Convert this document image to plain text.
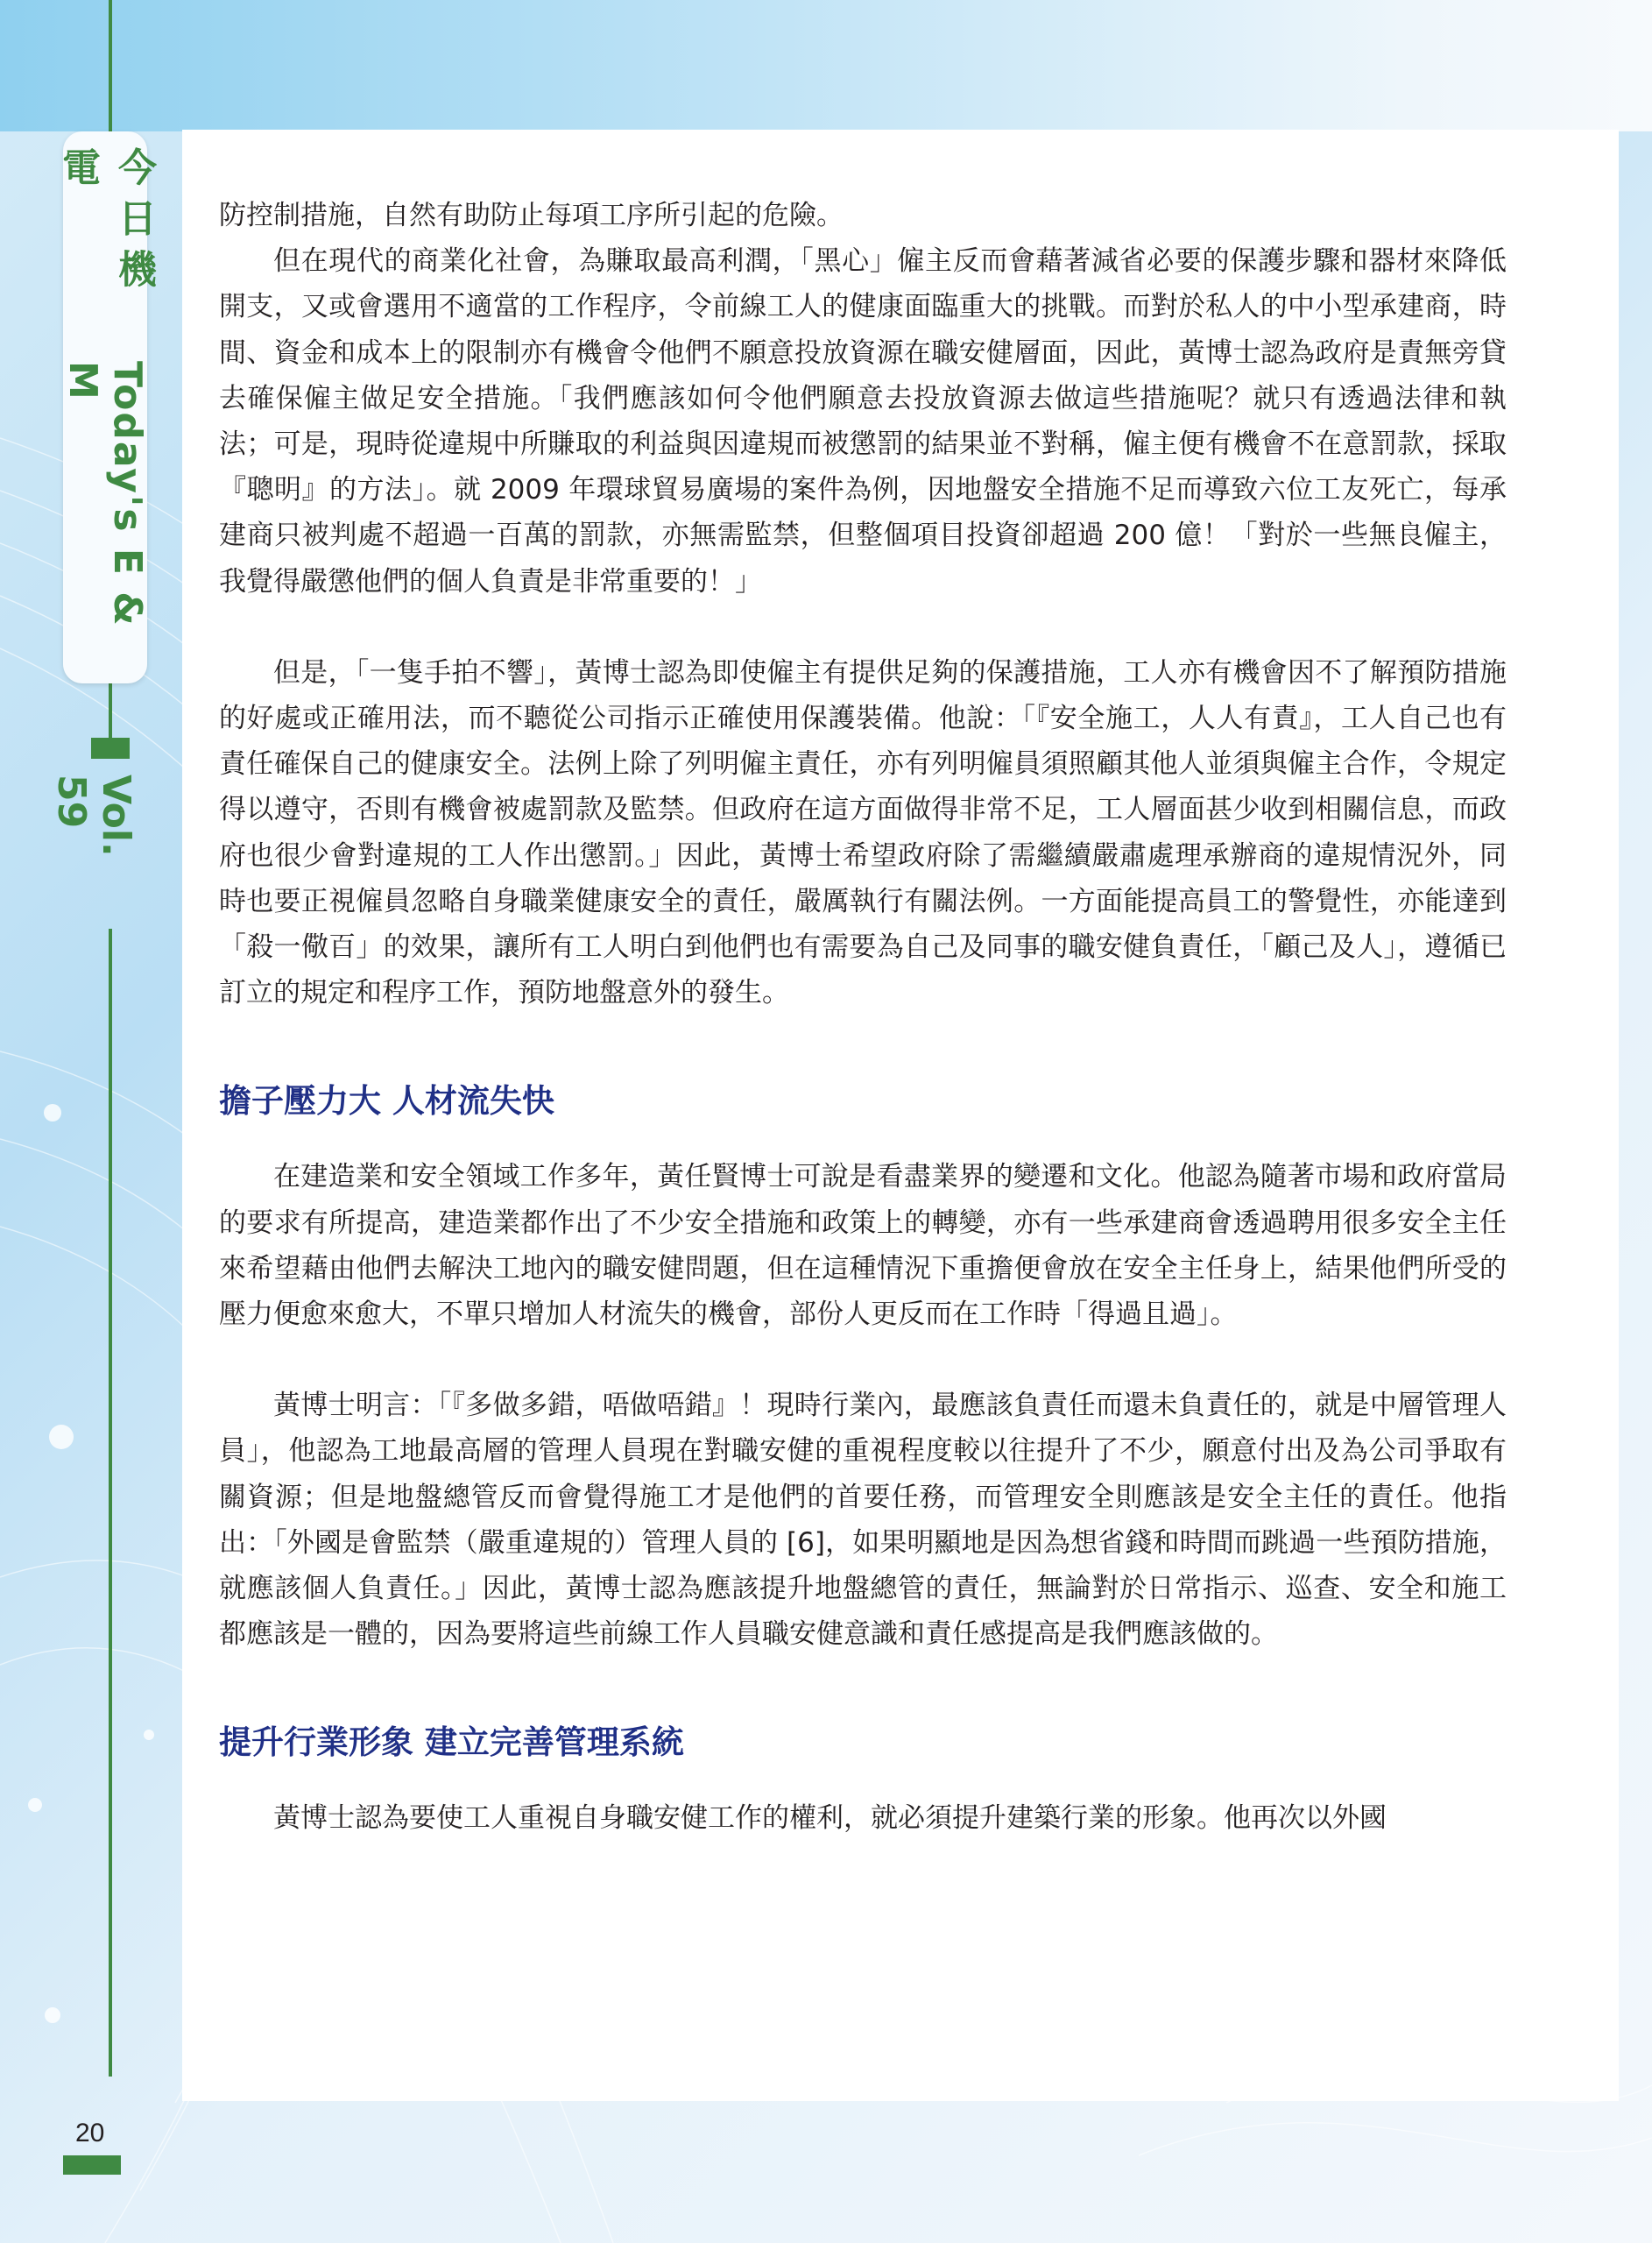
今日機電
Today's E & M
Vol. 59

防控制措施，自然有助防止每項工序所引起的危險。

但在現代的商業化社會，為賺取最高利潤，「黑心」僱主反而會藉著減省必要的保護步驟和器材來降低開支，又或會選用不適當的工作程序，令前線工人的健康面臨重大的挑戰。而對於私人的中小型承建商，時間、資金和成本上的限制亦有機會令他們不願意投放資源在職安健層面，因此，黃博士認為政府是責無旁貸去確保僱主做足安全措施。「我們應該如何令他們願意去投放資源去做這些措施呢？就只有透過法律和執法；可是，現時從違規中所賺取的利益與因違規而被懲罰的結果並不對稱，僱主便有機會不在意罰款，採取『聰明』的方法」。就 2009 年環球貿易廣場的案件為例，因地盤安全措施不足而導致六位工友死亡，每承建商只被判處不超過一百萬的罰款，亦無需監禁，但整個項目投資卻超過 200 億！「對於一些無良僱主，我覺得嚴懲他們的個人負責是非常重要的！」

但是，「一隻手拍不響」，黃博士認為即使僱主有提供足夠的保護措施，工人亦有機會因不了解預防措施的好處或正確用法，而不聽從公司指示正確使用保護裝備。他說：「『安全施工，人人有責』，工人自己也有責任確保自己的健康安全。法例上除了列明僱主責任，亦有列明僱員須照顧其他人並須與僱主合作，令規定得以遵守，否則有機會被處罰款及監禁。但政府在這方面做得非常不足，工人層面甚少收到相關信息，而政府也很少會對違規的工人作出懲罰。」因此，黃博士希望政府除了需繼續嚴肅處理承辦商的違規情況外，同時也要正視僱員忽略自身職業健康安全的責任，嚴厲執行有關法例。一方面能提高員工的警覺性，亦能達到「殺一儆百」的效果，讓所有工人明白到他們也有需要為自己及同事的職安健負責任，「顧己及人」，遵循已訂立的規定和程序工作，預防地盤意外的發生。

擔子壓力大 人材流失快

在建造業和安全領域工作多年，黃任賢博士可說是看盡業界的變遷和文化。他認為隨著市場和政府當局的要求有所提高，建造業都作出了不少安全措施和政策上的轉變，亦有一些承建商會透過聘用很多安全主任來希望藉由他們去解決工地內的職安健問題，但在這種情況下重擔便會放在安全主任身上，結果他們所受的壓力便愈來愈大，不單只增加人材流失的機會，部份人更反而在工作時「得過且過」。

黃博士明言：「『多做多錯，唔做唔錯』！現時行業內，最應該負責任而還未負責任的，就是中層管理人員」，他認為工地最高層的管理人員現在對職安健的重視程度較以往提升了不少，願意付出及為公司爭取有關資源；但是地盤總管反而會覺得施工才是他們的首要任務，而管理安全則應該是安全主任的責任。他指出：「外國是會監禁（嚴重違規的）管理人員的 [6]，如果明顯地是因為想省錢和時間而跳過一些預防措施，就應該個人負責任。」因此，黃博士認為應該提升地盤總管的責任，無論對於日常指示、巡查、安全和施工都應該是一體的，因為要將這些前線工作人員職安健意識和責任感提高是我們應該做的。

提升行業形象 建立完善管理系統

黃博士認為要使工人重視自身職安健工作的權利，就必須提升建築行業的形象。他再次以外國

20
